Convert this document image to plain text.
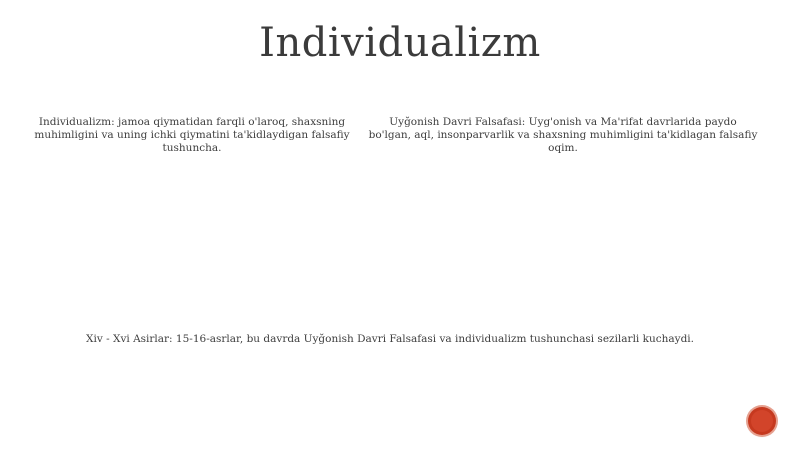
Individualizm

Individualizm: jamoa qiymatidan farqli o'laroq, shaxsning muhimligini va uning ichki qiymatini ta'kidlaydigan falsafiy tushuncha.

Uyğonish Davri Falsafasi: Uyg'onish va Ma'rifat davrlarida paydo bo'lgan, aql, insonparvarlik va shaxsning muhimligini ta'kidlagan falsafiy oqim.

Xiv - Xvi Asirlar: 15-16-asrlar, bu davrda Uyğonish Davri Falsafasi va individualizm tushunchasi sezilarli kuchaydi.
